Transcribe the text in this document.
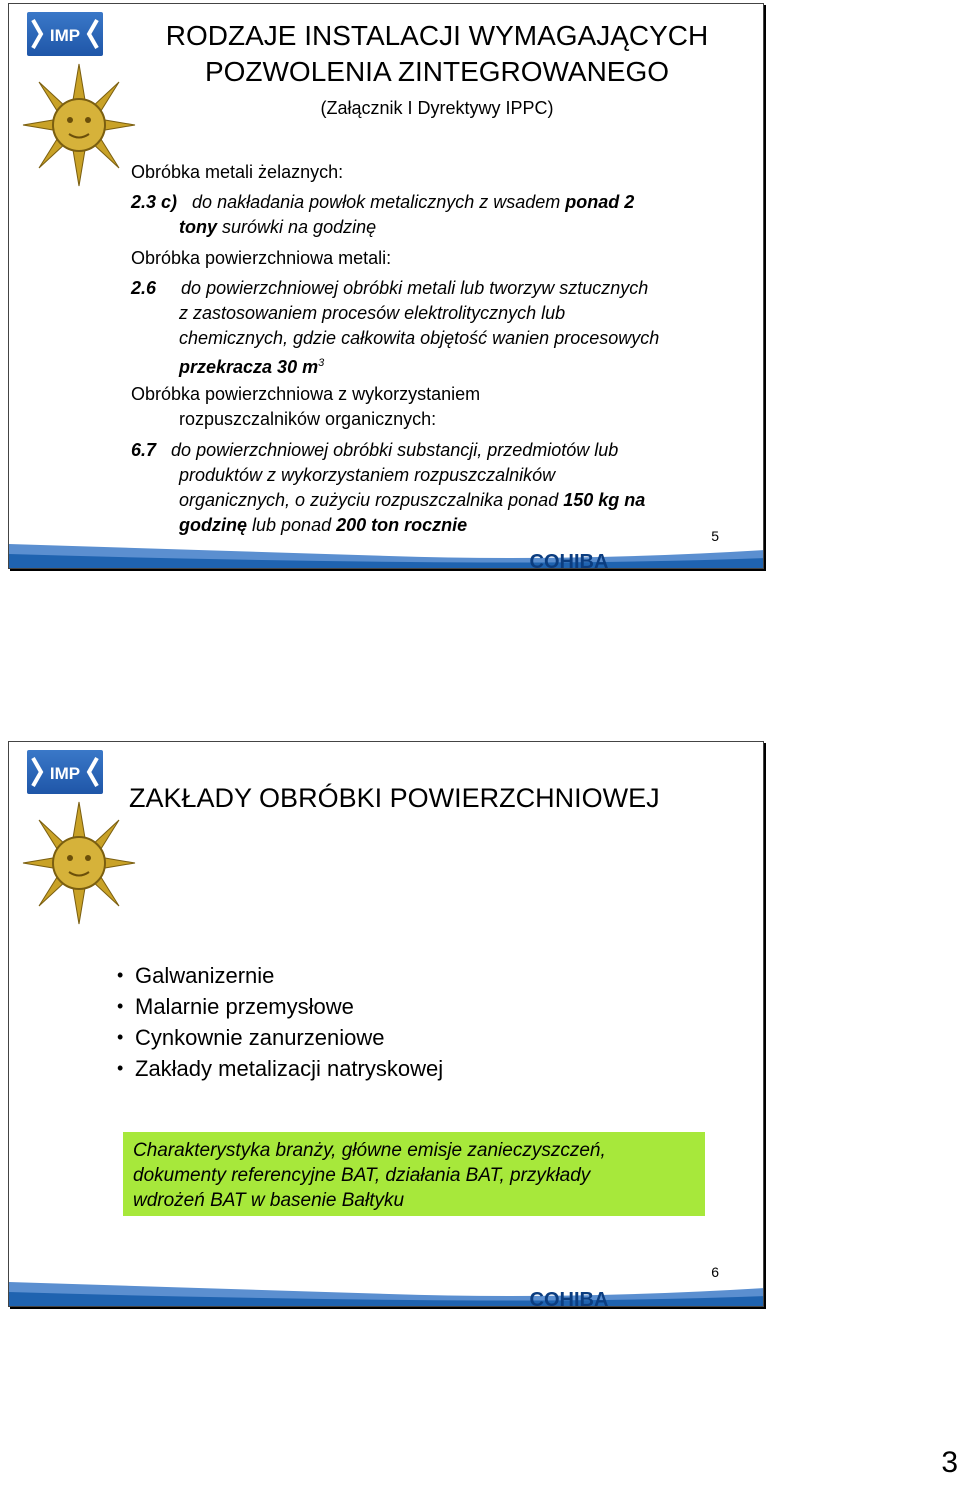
IMP	RODZAJE INSTALACJI WYMAGAJĄCYCH
POZWOLENIA ZINTEGROWANEGO
(Załącznik I Dyrektywy IPPC)
Obróbka metali żelaznych:
2.3 c) do nakładania powłok metalicznych z wsadem ponad 2
tony surówki na godzinę
Obróbka powierzchniowa metali:
2.6 do powierzchniowej obróbki metali lub tworzyw sztucznych
z zastosowaniem procesów elektrolitycznych lub
chemicznych, gdzie całkowita objętość wanien procesowych
przekracza 30 $m^3$
Obróbka powierzchniowa z wykorzystaniem
rozpuszczalników organicznych:
6.7 do powierzchniowej obróbki substancji, przedmiotów lub
produktów z wykorzystaniem rozpuszczalników
organicznych, o zużyciu rozpuszczalnika ponad 150 kg na
godzinę lub ponad 200 ton rocznie
5
COHIBA
IMP
ZAKŁADY OBRÓBKI POWIERZCHNIOWEJ
• Galwanizernie
• Malarnie przemysłowe
• Cynkownie zanurzeniowe
• Zakłady metalizacji natryskowej
Charakterystyka branży, główne emisje zanieczyszczeń,
dokumenty referencyjne BAT, działania BAT, przykłady
wdrożeń BAT w basenie Bałtyku
6
COHIBA
3
